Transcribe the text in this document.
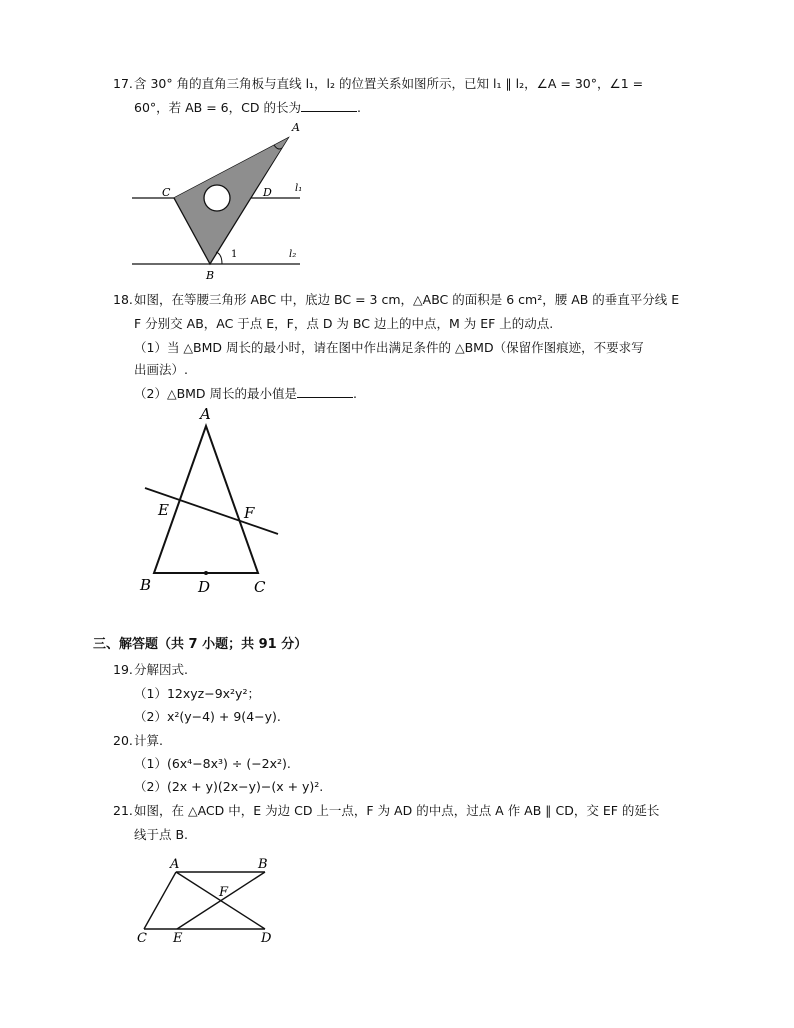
17. 含 30° 角的直角三角板与直线 l₁，l₂ 的位置关系如图所示，已知 l₁ ∥ l₂，∠A = 30°，∠1 =
60°，若 AB = 6，CD 的长为	.
A
C	D l₁
1	l₂
B
18. 如图，在等腰三角形 ABC 中，底边 BC = 3 cm，△ABC 的面积是 6 cm²，腰 AB 的垂直平分线 E
F 分别交 AB，AC 于点 E，F，点 D 为 BC 边上的中点，M 为 EF 上的动点.
（1）当 △BMD 周长的最小时，请在图中作出满足条件的 △BMD（保留作图痕迹，不要求写
出画法）.
（2）△BMD 周长的最小值是	.
A
E	F
B	D	C
三、解答题（共 7 小题；共 91 分）
19. 分解因式.
（1）12xyz−9x²y²；
（2）x²(y−4) + 9(4−y).
20. 计算.
（1）(6x⁴−8x³) ÷ (−2x²).
（2）(2x + y)(2x−y)−(x + y)².
21. 如图，在 △ACD 中，E 为边 CD 上一点，F 为 AD 的中点，过点 A 作 AB ∥ CD，交 EF 的延长
线于点 B.
A	B
F
C E	D
